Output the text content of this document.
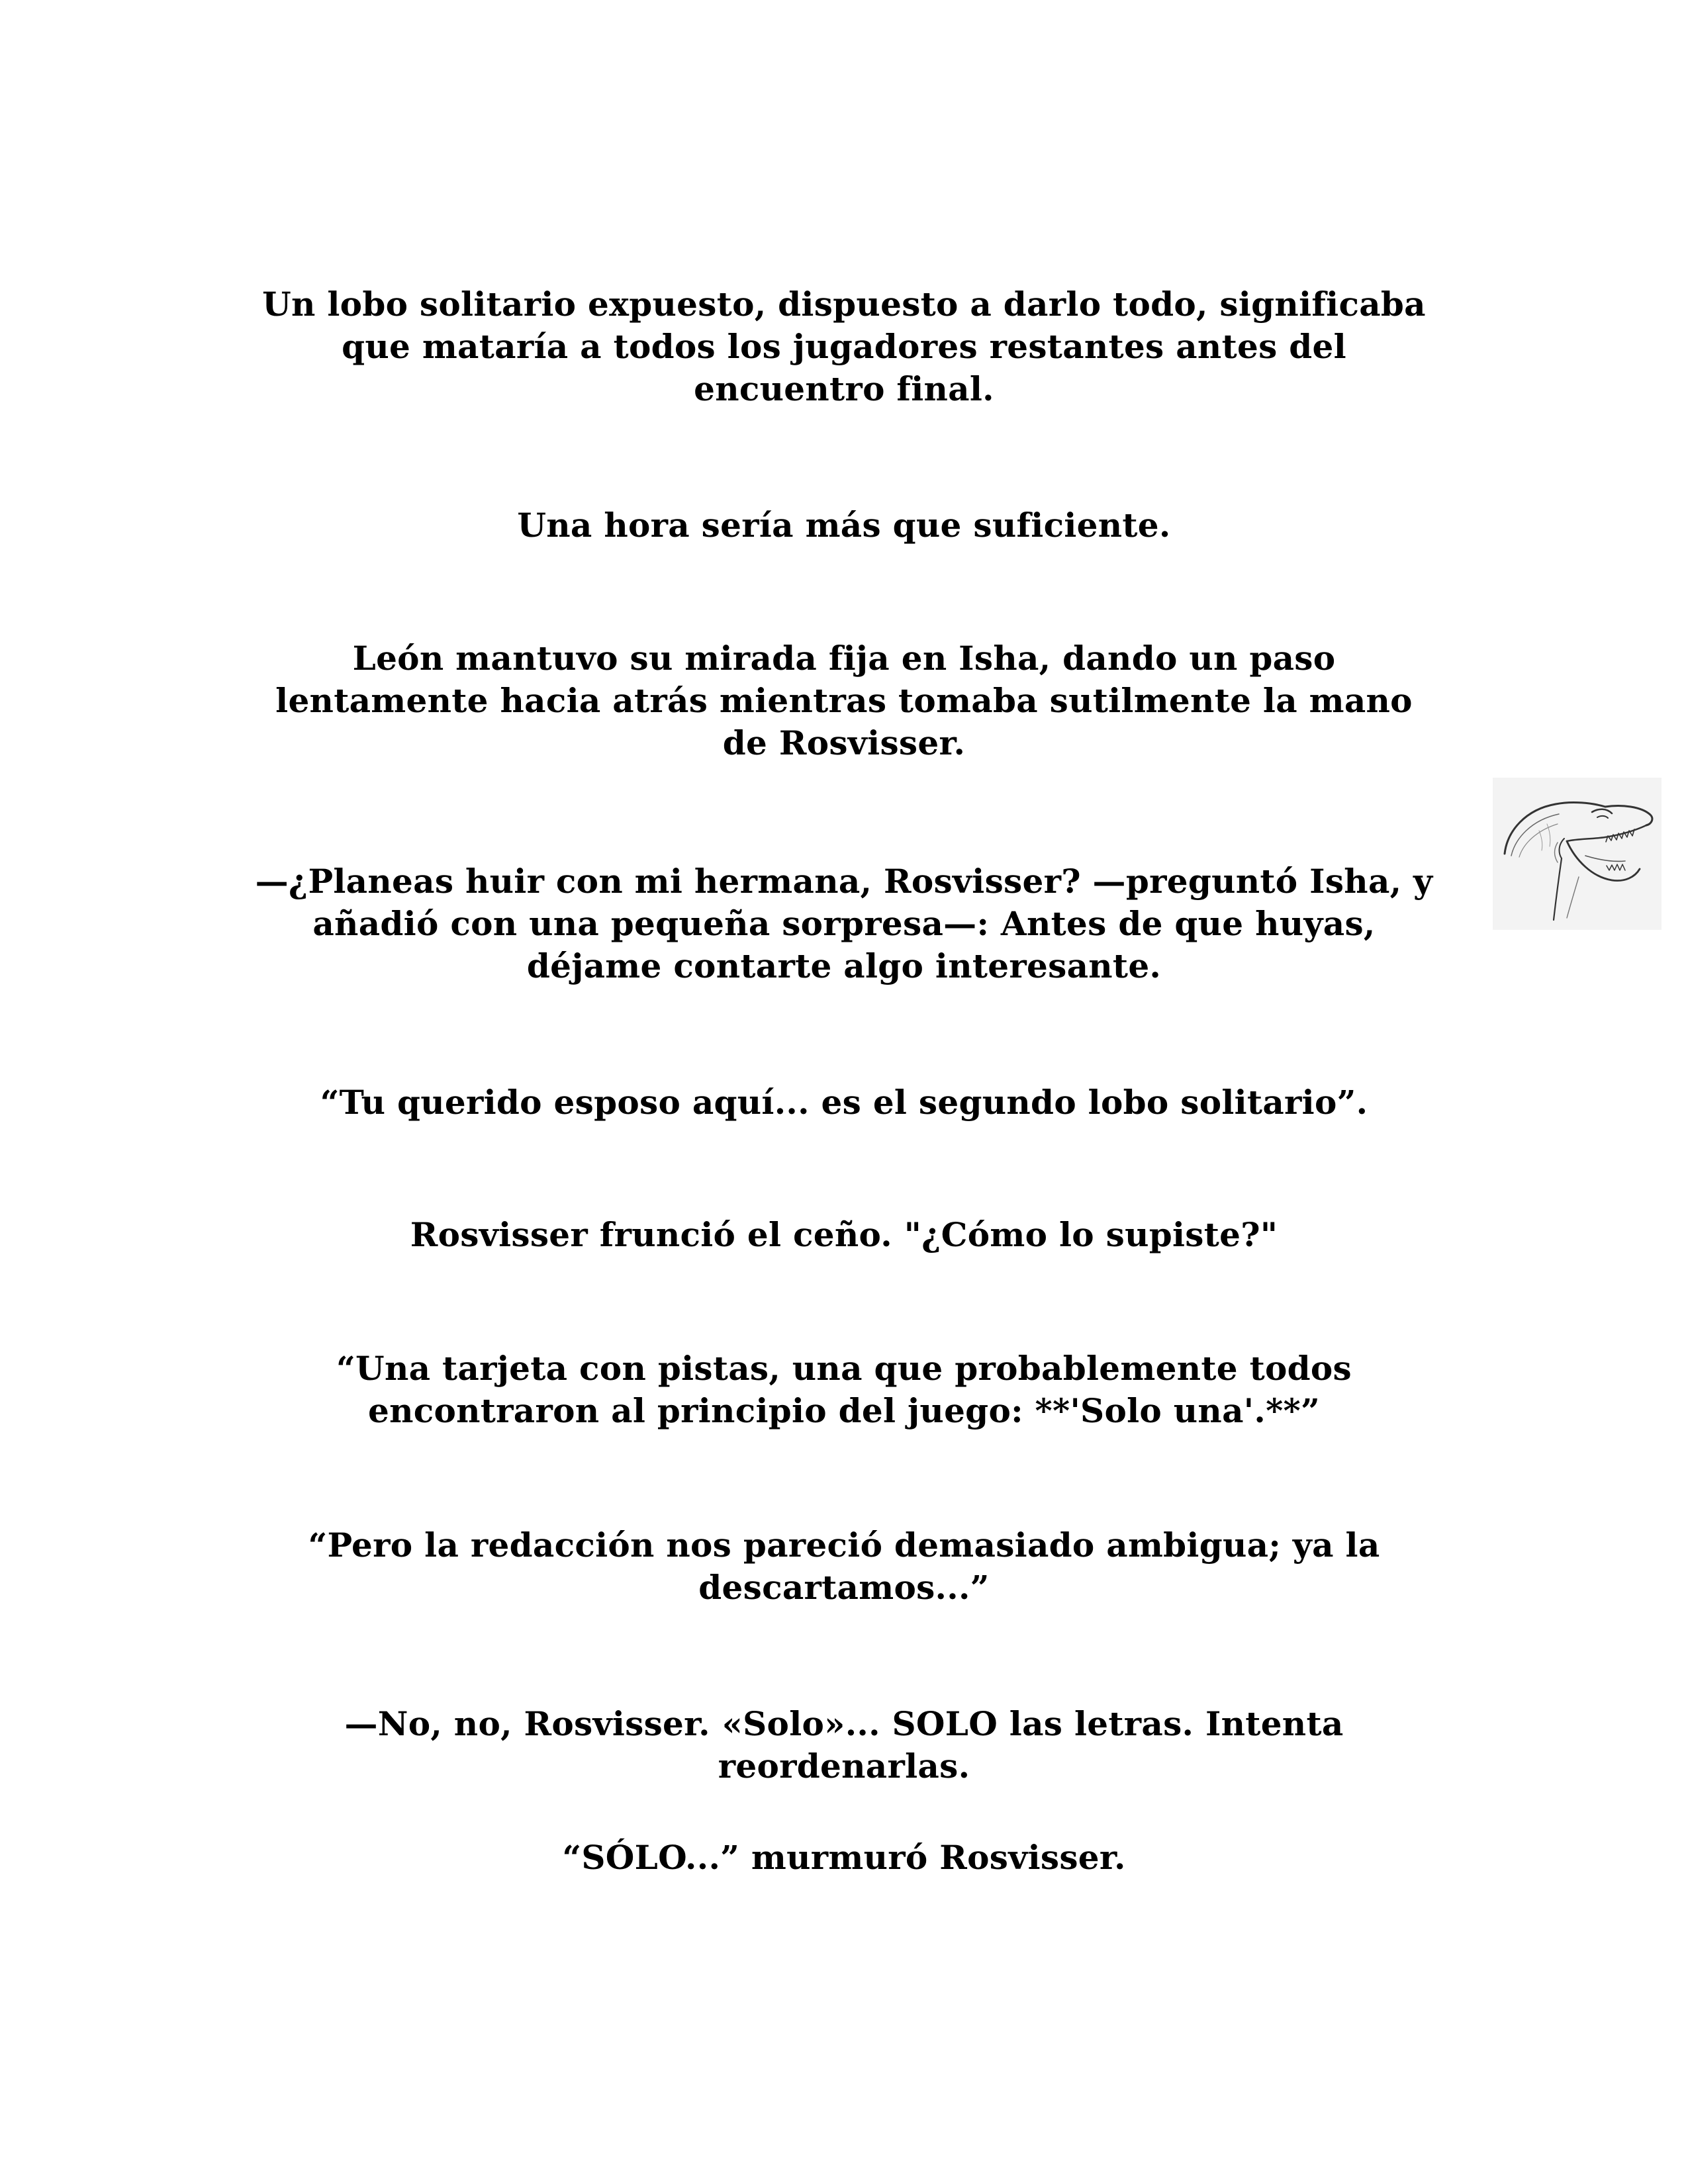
Un lobo solitario expuesto, dispuesto a darlo todo, significaba
que mataría a todos los jugadores restantes antes del
encuentro final.

Una hora sería más que suficiente.

León mantuvo su mirada fija en Isha, dando un paso
lentamente hacia atrás mientras tomaba sutilmente la mano
de Rosvisser.

—¿Planeas huir con mi hermana, Rosvisser? —preguntó Isha, y
añadió con una pequeña sorpresa—: Antes de que huyas,
déjame contarte algo interesante.

“Tu querido esposo aquí... es el segundo lobo solitario”.

Rosvisser frunció el ceño. "¿Cómo lo supiste?"

“Una tarjeta con pistas, una que probablemente todos
encontraron al principio del juego: **'Solo una'.**”

“Pero la redacción nos pareció demasiado ambigua; ya la
descartamos...”

—No, no, Rosvisser. «Solo»... SOLO las letras. Intenta
reordenarlas.

“SÓLO...” murmuró Rosvisser.
